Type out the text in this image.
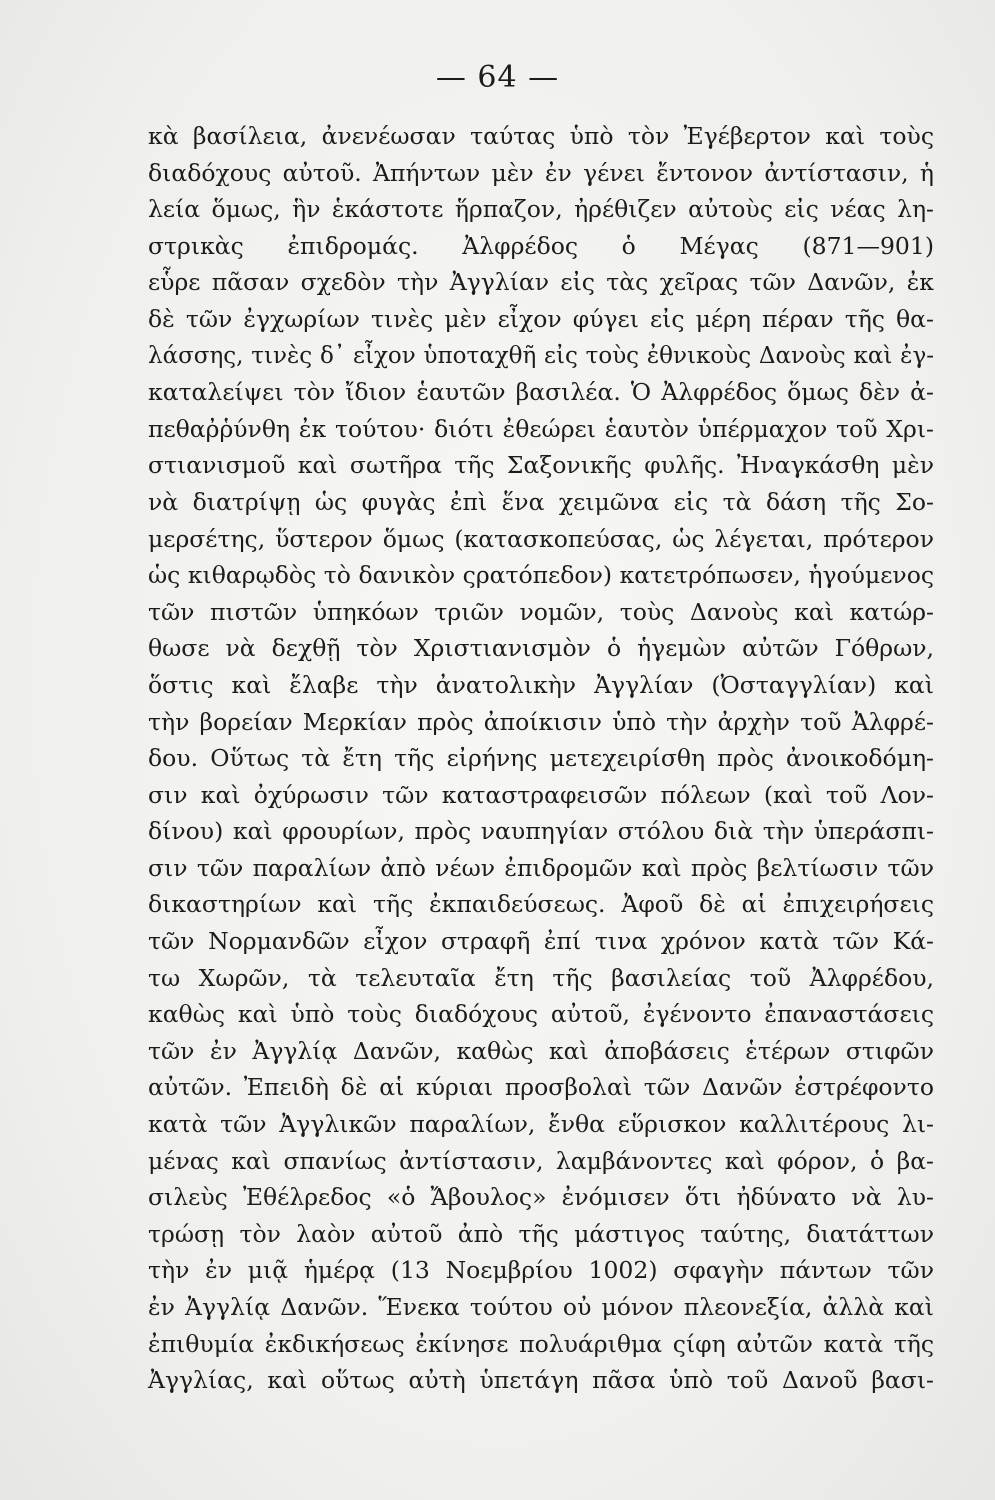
— 64 —
κὰ βασίλεια, ἀνενέωσαν ταύτας ὑπὸ τὸν Ἐγέβερτον καὶ τοὺς
διαδόχους αὐτοῦ. Ἀπήντων μὲν ἐν γένει ἔντονον ἀντίστασιν, ἡ
λεία ὅμως, ἣν ἑκάστοτε ἥρπαζον, ἠρέθιζεν αὐτοὺς εἰς νέας λη-
στρικὰς ἐπιδρομάς. Ἀλφρέδος ὁ Μέγας (871—901)
εὗρε πᾶσαν σχεδὸν τὴν Ἀγγλίαν εἰς τὰς χεῖρας τῶν Δανῶν, ἐκ
δὲ τῶν ἐγχωρίων τινὲς μὲν εἶχον φύγει εἰς μέρη πέραν τῆς θα-
λάσσης, τινὲς δ᾽ εἶχον ὑποταχθῆ εἰς τοὺς ἐθνικοὺς Δανοὺς καὶ ἐγ-
καταλείψει τὸν ἴδιον ἑαυτῶν βασιλέα. Ὁ Ἀλφρέδος ὅμως δὲν ἀ-
πεθαῤῥύνθη ἐκ τούτου· διότι ἐθεώρει ἑαυτὸν ὑπέρμαχον τοῦ Χρι-
στιανισμοῦ καὶ σωτῆρα τῆς Σαξονικῆς φυλῆς. Ἠναγκάσθη μὲν
νὰ διατρίψῃ ὡς φυγὰς ἐπὶ ἕνα χειμῶνα εἰς τὰ δάση τῆς Σο-
μερσέτης, ὕστερον ὅμως (κατασκοπεύσας, ὡς λέγεται, πρότερον
ὡς κιθαρῳδὸς τὸ δανικὸν ςρατόπεδον) κατετρόπωσεν, ἡγούμενος
τῶν πιστῶν ὑπηκόων τριῶν νομῶν, τοὺς Δανοὺς καὶ κατώρ-
θωσε νὰ δεχθῇ τὸν Χριστιανισμὸν ὁ ἡγεμὼν αὐτῶν Γόθρων,
ὅστις καὶ ἔλαβε τὴν ἀνατολικὴν Ἀγγλίαν (Ὀσταγγλίαν) καὶ
τὴν βορείαν Μερκίαν πρὸς ἀποίκισιν ὑπὸ τὴν ἀρχὴν τοῦ Ἀλφρέ-
δου. Οὕτως τὰ ἔτη τῆς εἰρήνης μετεχειρίσθη πρὸς ἀνοικοδόμη-
σιν καὶ ὀχύρωσιν τῶν καταστραφεισῶν πόλεων (καὶ τοῦ Λον-
δίνου) καὶ φρουρίων, πρὸς ναυπηγίαν στόλου διὰ τὴν ὑπεράσπι-
σιν τῶν παραλίων ἀπὸ νέων ἐπιδρομῶν καὶ πρὸς βελτίωσιν τῶν
δικαστηρίων καὶ τῆς ἐκπαιδεύσεως. Ἀφοῦ δὲ αἱ ἐπιχειρήσεις
τῶν Νορμανδῶν εἶχον στραφῆ ἐπί τινα χρόνον κατὰ τῶν Κά-
τω Χωρῶν, τὰ τελευταῖα ἔτη τῆς βασιλείας τοῦ Ἀλφρέδου,
καθὼς καὶ ὑπὸ τοὺς διαδόχους αὐτοῦ, ἐγένοντο ἐπαναστάσεις
τῶν ἐν Ἀγγλίᾳ Δανῶν, καθὼς καὶ ἀποβάσεις ἑτέρων στιφῶν
αὐτῶν. Ἐπειδὴ δὲ αἱ κύριαι προσβολαὶ τῶν Δανῶν ἐστρέφοντο
κατὰ τῶν Ἀγγλικῶν παραλίων, ἔνθα εὕρισκον καλλιτέρους λι-
μένας καὶ σπανίως ἀντίστασιν, λαμβάνοντες καὶ φόρον, ὁ βα-
σιλεὺς Ἐθέλρεδος «ὁ Ἄβουλος» ἐνόμισεν ὅτι ἠδύνατο νὰ λυ-
τρώσῃ τὸν λαὸν αὐτοῦ ἀπὸ τῆς μάστιγος ταύτης, διατάττων
τὴν ἐν μιᾷ ἡμέρᾳ (13 Νοεμβρίου 1002) σφαγὴν πάντων τῶν
ἐν Ἀγγλίᾳ Δανῶν. Ἕνεκα τούτου οὐ μόνον πλεονεξία, ἀλλὰ καὶ
ἐπιθυμία ἐκδικήσεως ἐκίνησε πολυάριθμα ςίφη αὐτῶν κατὰ τῆς
Ἀγγλίας, καὶ οὕτως αὐτὴ ὑπετάγη πᾶσα ὑπὸ τοῦ Δανοῦ βασι-
